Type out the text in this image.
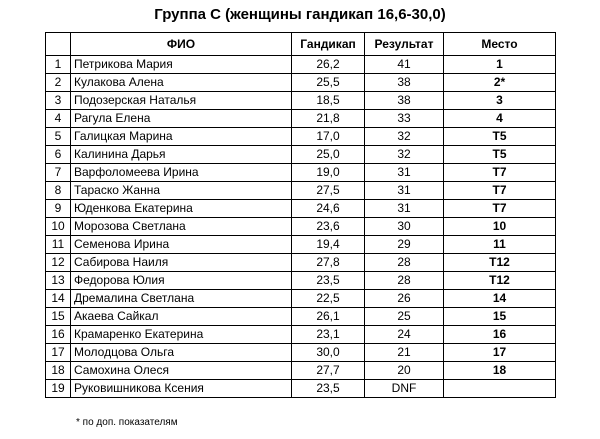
Группа С (женщины гандикап 16,6-30,0)
	ФИО	Гандикап	Результат	Место
1	Петрикова Мария	26,2	41	1
2	Кулакова Алена	25,5	38	2*
3	Подозерская Наталья	18,5	38	3
4	Рагула Елена	21,8	33	4
5	Галицкая Марина	17,0	32	Т5
6	Калинина Дарья	25,0	32	Т5
7	Варфоломеева Ирина	19,0	31	Т7
8	Тараско Жанна	27,5	31	Т7
9	Юденкова Екатерина	24,6	31	Т7
10	Морозова Светлана	23,6	30	10
11	Семенова Ирина	19,4	29	11
12	Сабирова Наиля	27,8	28	Т12
13	Федорова Юлия	23,5	28	Т12
14	Дремалина Светлана	22,5	26	14
15	Акаева Сайкал	26,1	25	15
16	Крамаренко Екатерина	23,1	24	16
17	Молодцова Ольга	30,0	21	17
18	Самохина Олеся	27,7	20	18
19	Руковишникова Ксения	23,5	DNF	
* по доп. показателям
